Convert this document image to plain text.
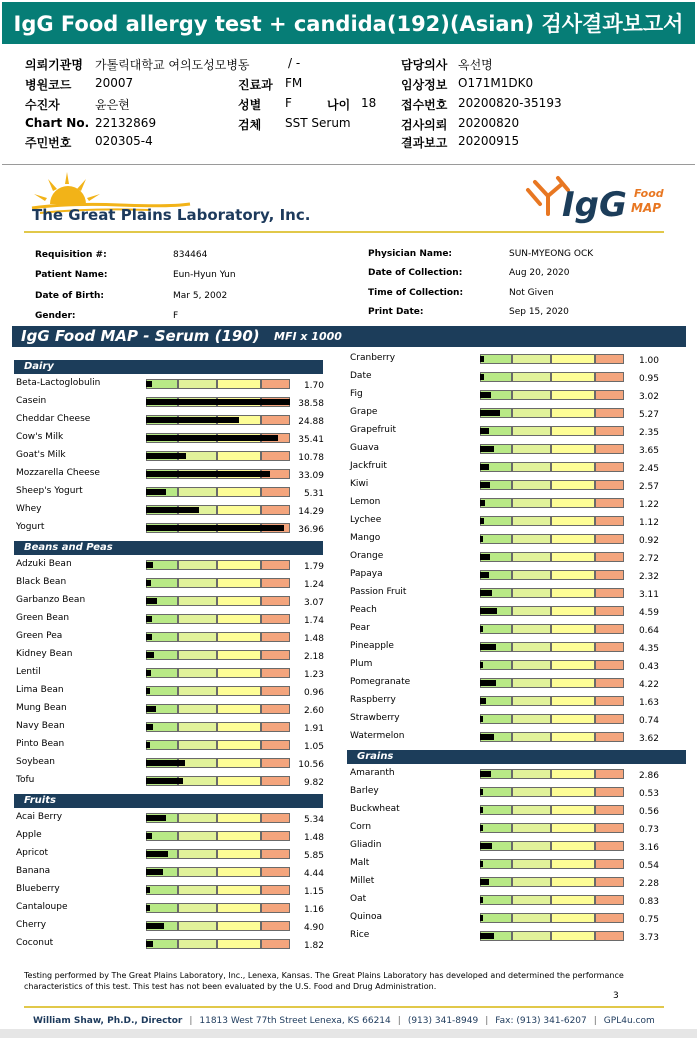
IgG Food allergy test + candida(192)(Asian) 검사결과보고서
의뢰기관명 가톨릭대학교 여의도성모병동	/ -
병원코드 20007
수진자	윤은현
Chart No. 22132869
주민번호 020305-4
진료과 FM
성별 F	나이 18
검체 SST Serum
담당의사 옥선명
임상정보 O171M1DK0
접수번호 20200820-35193
검사의뢰 20200820
결과보고 20200915
The Great Plains Laboratory, Inc.	IgG Food
MAP
Requisition #:	834464
Patient Name:	Eun-Hyun Yun
Date of Birth:	Mar 5, 2002
Gender:	F
Physician Name:	SUN-MYEONG OCK
Date of Collection:	Aug 20, 2020
Time of Collection:	Not Given
Print Date:	Sep 15, 2020
IgG Food MAP - Serum (190) MFI x 1000
Dairy
Beta-Lactoglobulin	1.70
Casein	38.58
Cheddar Cheese	24.88
Cow's Milk	35.41
Goat's Milk	10.78
Mozzarella Cheese	33.09
Sheep's Yogurt	5.31
Whey	14.29
Yogurt	36.96
Beans and Peas
Adzuki Bean	1.79
Black Bean	1.24
Garbanzo Bean	3.07
Green Bean	1.74
Green Pea	1.48
Kidney Bean	2.18
Lentil	1.23
Lima Bean	0.96
Mung Bean	2.60
Navy Bean	1.91
Pinto Bean	1.05
Soybean	10.56
Tofu	9.82
Fruits
Acai Berry	5.34
Apple	1.48
Apricot	5.85
Banana	4.44
Blueberry	1.15
Cantaloupe	1.16
Cherry	4.90
Coconut	1.82
Cranberry	1.00
Date	0.95
Fig	3.02
Grape	5.27
Grapefruit	2.35
Guava	3.65
Jackfruit	2.45
Kiwi	2.57
Lemon	1.22
Lychee	1.12
Mango	0.92
Orange	2.72
Papaya	2.32
Passion Fruit	3.11
Peach	4.59
Pear	0.64
Pineapple	4.35
Plum	0.43
Pomegranate	4.22
Raspberry	1.63
Strawberry	0.74
Watermelon	3.62
Grains
Amaranth	2.86
Barley	0.53
Buckwheat	0.56
Corn	0.73
Gliadin	3.16
Malt	0.54
Millet	2.28
Oat	0.83
Quinoa	0.75
Rice	3.73
Testing performed by The Great Plains Laboratory, Inc., Lenexa, Kansas. The Great Plains Laboratory has developed and determined the performance characteristics of this test. This test has not been evaluated by the U.S. Food and Drug Administration.
3
William Shaw, Ph.D., Director | 11813 West 77th Street Lenexa, KS 66214 | (913) 341-8949 | Fax: (913) 341-6207 | GPL4u.com
